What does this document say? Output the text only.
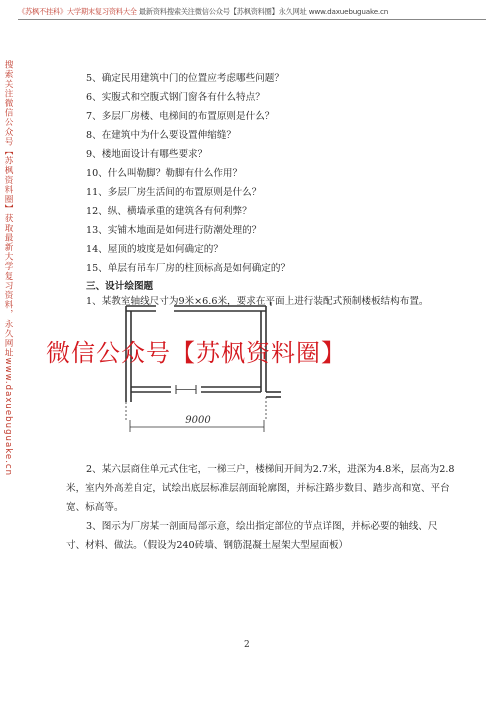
《苏枫不挂科》大学期末复习资料大全 最新资料搜索关注微信公众号【苏枫资料圈】永久网址 www.daxuebuguake.cn
搜索关注微信公众号【苏枫资料圈】获取最新大学复习资料，永久网址www.daxuebuguake.cn	5、确定民用建筑中门的位置应考虑哪些问题？
6、实腹式和空腹式钢门窗各有什么特点？
7、多层厂房楼、电梯间的布置原则是什么？
8、在建筑中为什么要设置伸缩缝？
9、楼地面设计有哪些要求？
10、什么叫勒脚？勒脚有什么作用？
11、多层厂房生活间的布置原则是什么？
12、纵、横墙承重的建筑各有何利弊？
13、实铺木地面是如何进行防潮处理的？
14、屋顶的坡度是如何确定的？
15、单层有吊车厂房的柱顶标高是如何确定的？
三、设计绘图题
1、某教室轴线尺寸为9米×6.6米，要求在平面上进行装配式预制楼板结构布置。
2、某六层商住单元式住宅，一梯三户，楼梯间开间为2.7米，进深为4.8米，层高为2.8米，室内外高差自定，试绘出底层标准层剖面轮廓图，并标注路步数目、踏步高和宽、平台宽、标高等。
3、图示为厂房某一剖面局部示意，绘出指定部位的节点详图，并标必要的轴线、尺寸、材料、做法。（假设为240砖墙、钢筋混凝土屋架大型屋面板）
9000
微信公众号【苏枫资料圈】
2
